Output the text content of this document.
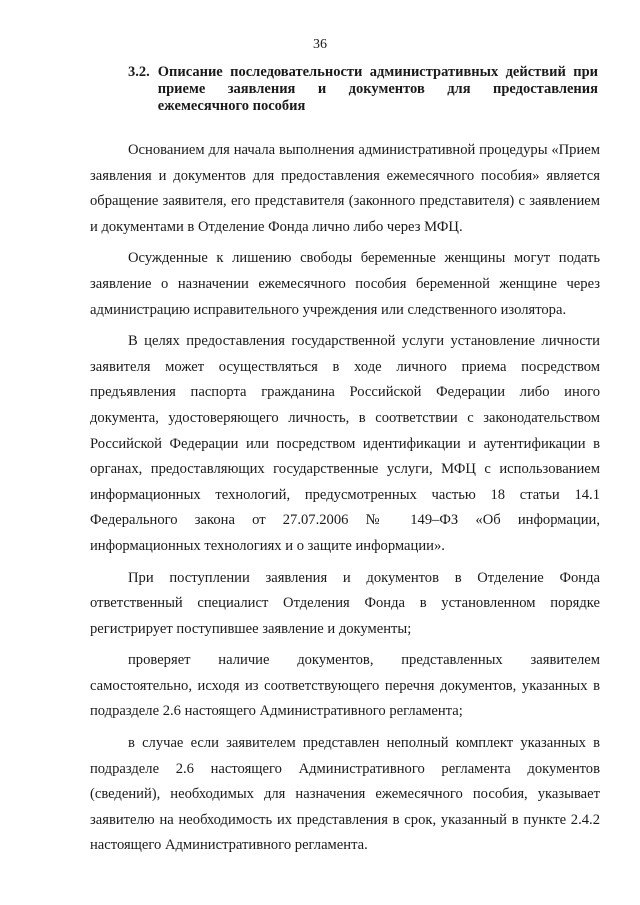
36
3.2. Описание последовательности административных действий при приеме заявления и документов для предоставления ежемесячного пособия

Основанием для начала выполнения административной процедуры «Прием заявления и документов для предоставления ежемесячного пособия» является обращение заявителя, его представителя (законного представителя) с заявлением и документами в Отделение Фонда лично либо через МФЦ.

Осужденные к лишению свободы беременные женщины могут подать заявление о назначении ежемесячного пособия беременной женщине через администрацию исправительного учреждения или следственного изолятора.

В целях предоставления государственной услуги установление личности заявителя может осуществляться в ходе личного приема посредством предъявления паспорта гражданина Российской Федерации либо иного документа, удостоверяющего личность, в соответствии с законодательством Российской Федерации или посредством идентификации и аутентификации в органах, предоставляющих государственные услуги, МФЦ с использованием информационных технологий, предусмотренных частью 18 статьи 14.1 Федерального закона от 27.07.2006 № 149–ФЗ «Об информации, информационных технологиях и о защите информации».

При поступлении заявления и документов в Отделение Фонда ответственный специалист Отделения Фонда в установленном порядке регистрирует поступившее заявление и документы;

проверяет наличие документов, представленных заявителем самостоятельно, исходя из соответствующего перечня документов, указанных в подразделе 2.6 настоящего Административного регламента;

в случае если заявителем представлен неполный комплект указанных в подразделе 2.6 настоящего Административного регламента документов (сведений), необходимых для назначения ежемесячного пособия, указывает заявителю на необходимость их представления в срок, указанный в пункте 2.4.2 настоящего Административного регламента.
